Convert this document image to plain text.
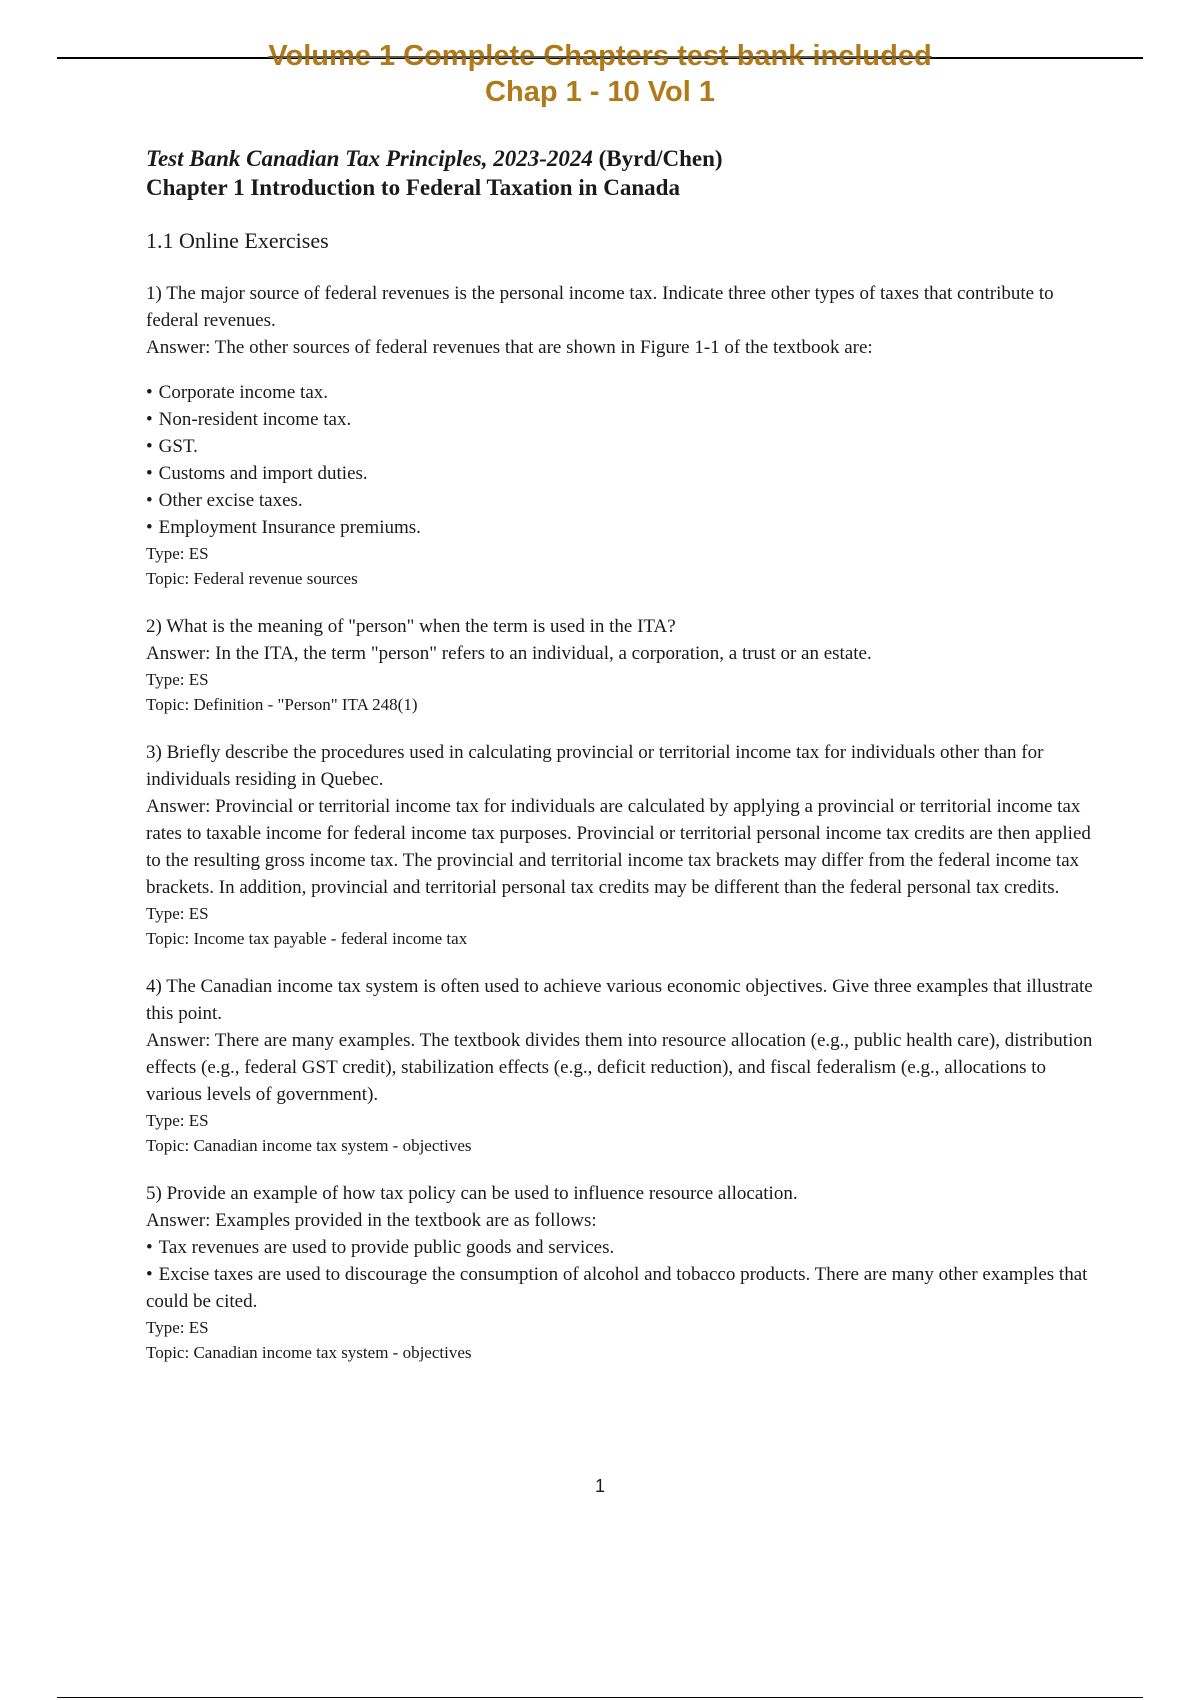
Volume 1 Complete Chapters test bank included
Chap 1 - 10 Vol 1

Test Bank Canadian Tax Principles, 2023-2024 (Byrd/Chen)

Chapter 1 Introduction to Federal Taxation in Canada

1.1 Online Exercises

1) The major source of federal revenues is the personal income tax. Indicate three other types of taxes that contribute to federal revenues.

Answer: The other sources of federal revenues that are shown in Figure 1-1 of the textbook are:

• Corporate income tax.
• Non-resident income tax.
• GST.
• Customs and import duties.
• Other excise taxes.
• Employment Insurance premiums.

Type: ES

Topic: Federal revenue sources

2) What is the meaning of "person" when the term is used in the ITA?

Answer: In the ITA, the term "person" refers to an individual, a corporation, a trust or an estate.

Type: ES

Topic: Definition - "Person" ITA 248(1)

3) Briefly describe the procedures used in calculating provincial or territorial income tax for individuals other than for individuals residing in Quebec.

Answer: Provincial or territorial income tax for individuals are calculated by applying a provincial or territorial income tax rates to taxable income for federal income tax purposes. Provincial or territorial personal income tax credits are then applied to the resulting gross income tax. The provincial and territorial income tax brackets may differ from the federal income tax brackets. In addition, provincial and territorial personal tax credits may be different than the federal personal tax credits.

Type: ES

Topic: Income tax payable - federal income tax

4) The Canadian income tax system is often used to achieve various economic objectives. Give three examples that illustrate this point.

Answer: There are many examples. The textbook divides them into resource allocation (e.g., public health care), distribution effects (e.g., federal GST credit), stabilization effects (e.g., deficit reduction), and fiscal federalism (e.g., allocations to various levels of government).

Type: ES

Topic: Canadian income tax system - objectives

5) Provide an example of how tax policy can be used to influence resource allocation.

Answer: Examples provided in the textbook are as follows:

• Tax revenues are used to provide public goods and services.
• Excise taxes are used to discourage the consumption of alcohol and tobacco products. There are many other examples that could be cited.

Type: ES

Topic: Canadian income tax system - objectives

1
